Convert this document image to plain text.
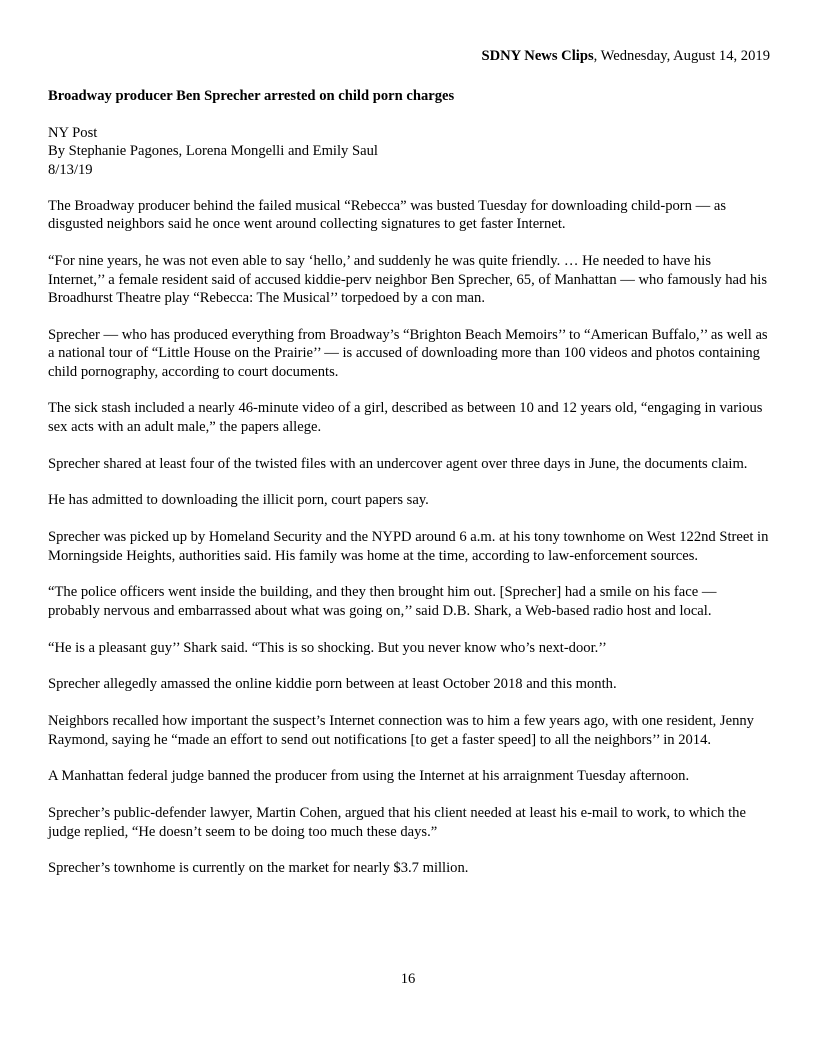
SDNY News Clips, Wednesday, August 14, 2019
Broadway producer Ben Sprecher arrested on child porn charges
NY Post
By Stephanie Pagones, Lorena Mongelli and Emily Saul
8/13/19

The Broadway producer behind the failed musical “Rebecca” was busted Tuesday for downloading child-porn — as disgusted neighbors said he once went around collecting signatures to get faster Internet.

“For nine years, he was not even able to say ‘hello,’ and suddenly he was quite friendly. … He needed to have his Internet,’’ a female resident said of accused kiddie-perv neighbor Ben Sprecher, 65, of Manhattan — who famously had his Broadhurst Theatre play “Rebecca: The Musical’’ torpedoed by a con man.

Sprecher — who has produced everything from Broadway’s “Brighton Beach Memoirs’’ to “American Buffalo,’’ as well as a national tour of “Little House on the Prairie’’ — is accused of downloading more than 100 videos and photos containing child pornography, according to court documents.

The sick stash included a nearly 46-minute video of a girl, described as between 10 and 12 years old, “engaging in various sex acts with an adult male,” the papers allege.

Sprecher shared at least four of the twisted files with an undercover agent over three days in June, the documents claim.

He has admitted to downloading the illicit porn, court papers say.

Sprecher was picked up by Homeland Security and the NYPD around 6 a.m. at his tony townhome on West 122nd Street in Morningside Heights, authorities said. His family was home at the time, according to law-enforcement sources.

“The police officers went inside the building, and they then brought him out. [Sprecher] had a smile on his face — probably nervous and embarrassed about what was going on,’’ said D.B. Shark, a Web-based radio host and local.

“He is a pleasant guy’’ Shark said. “This is so shocking. But you never know who’s next-door.’’

Sprecher allegedly amassed the online kiddie porn between at least October 2018 and this month.

Neighbors recalled how important the suspect’s Internet connection was to him a few years ago, with one resident, Jenny Raymond, saying he “made an effort to send out notifications [to get a faster speed] to all the neighbors’’ in 2014.

A Manhattan federal judge banned the producer from using the Internet at his arraignment Tuesday afternoon.

Sprecher’s public-defender lawyer, Martin Cohen, argued that his client needed at least his e-mail to work, to which the judge replied, “He doesn’t seem to be doing too much these days.”

Sprecher’s townhome is currently on the market for nearly $3.7 million.

16
